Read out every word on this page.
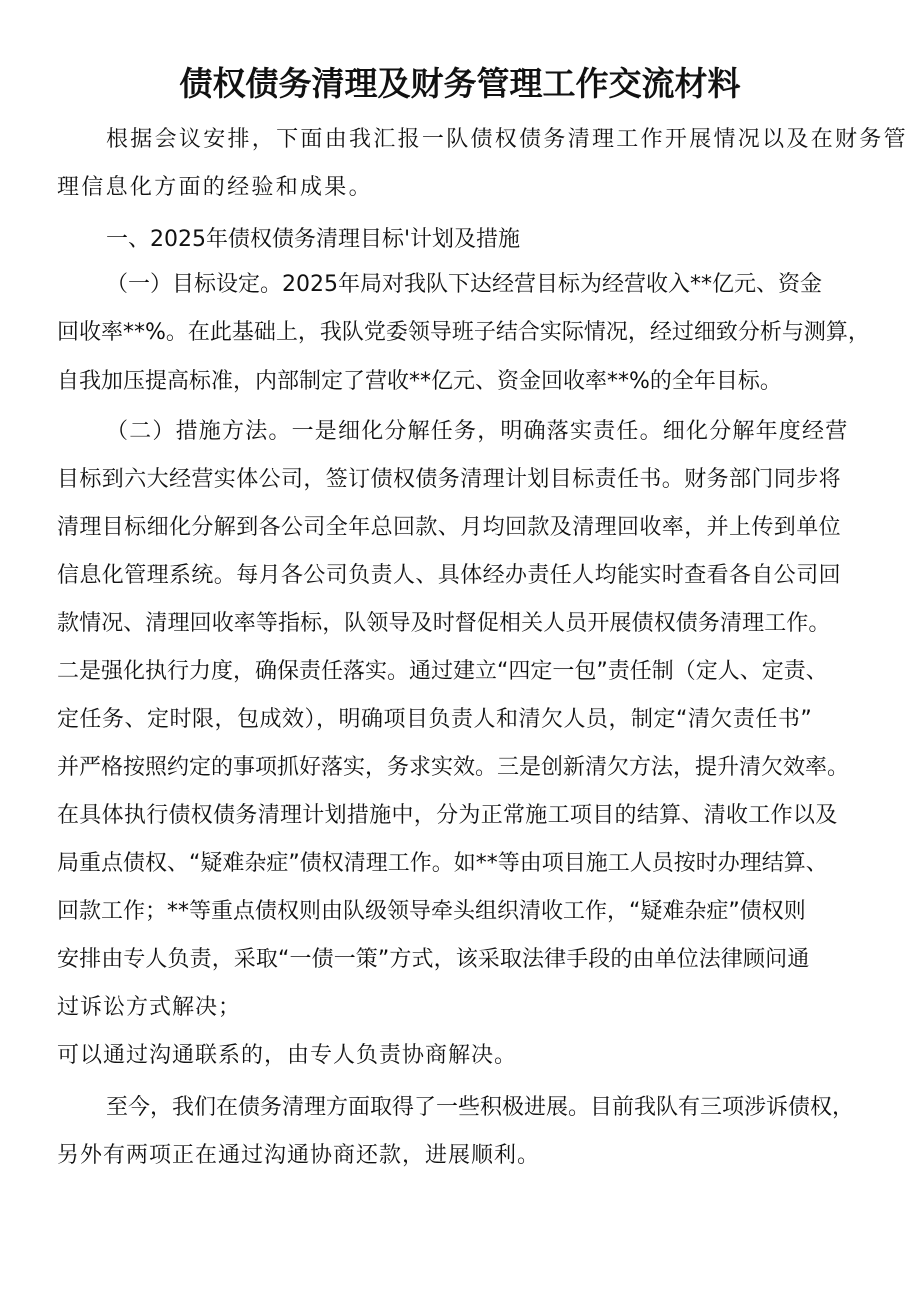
债权债务清理及财务管理工作交流材料
根据会议安排，下面由我汇报一队债权债务清理工作开展情况以及在财务管
理信息化方面的经验和成果。
一、2025年债权债务清理目标'计划及措施
（一）目标设定。2025年局对我队下达经营目标为经营收入**亿元、资金
回收率**%。在此基础上，我队党委领导班子结合实际情况，经过细致分析与测算，
自我加压提高标准，内部制定了营收**亿元、资金回收率**%的全年目标。
（二）措施方法。一是细化分解任务，明确落实责任。细化分解年度经营
目标到六大经营实体公司，签订债权债务清理计划目标责任书。财务部门同步将
清理目标细化分解到各公司全年总回款、月均回款及清理回收率，并上传到单位
信息化管理系统。每月各公司负责人、具体经办责任人均能实时查看各自公司回
款情况、清理回收率等指标，队领导及时督促相关人员开展债权债务清理工作。
二是强化执行力度，确保责任落实。通过建立“四定一包”责任制（定人、定责、
定任务、定时限，包成效），明确项目负责人和清欠人员，制定“清欠责任书”
并严格按照约定的事项抓好落实，务求实效。三是创新清欠方法，提升清欠效率。
在具体执行债权债务清理计划措施中，分为正常施工项目的结算、清收工作以及
局重点债权、“疑难杂症”债权清理工作。如**等由项目施工人员按时办理结算、
回款工作；**等重点债权则由队级领导牵头组织清收工作，“疑难杂症”债权则
安排由专人负责，采取“一债一策”方式，该采取法律手段的由单位法律顾问通
过诉讼方式解决；
可以通过沟通联系的，由专人负责协商解决。
至今，我们在债务清理方面取得了一些积极进展。目前我队有三项涉诉债权，
另外有两项正在通过沟通协商还款，进展顺利。
